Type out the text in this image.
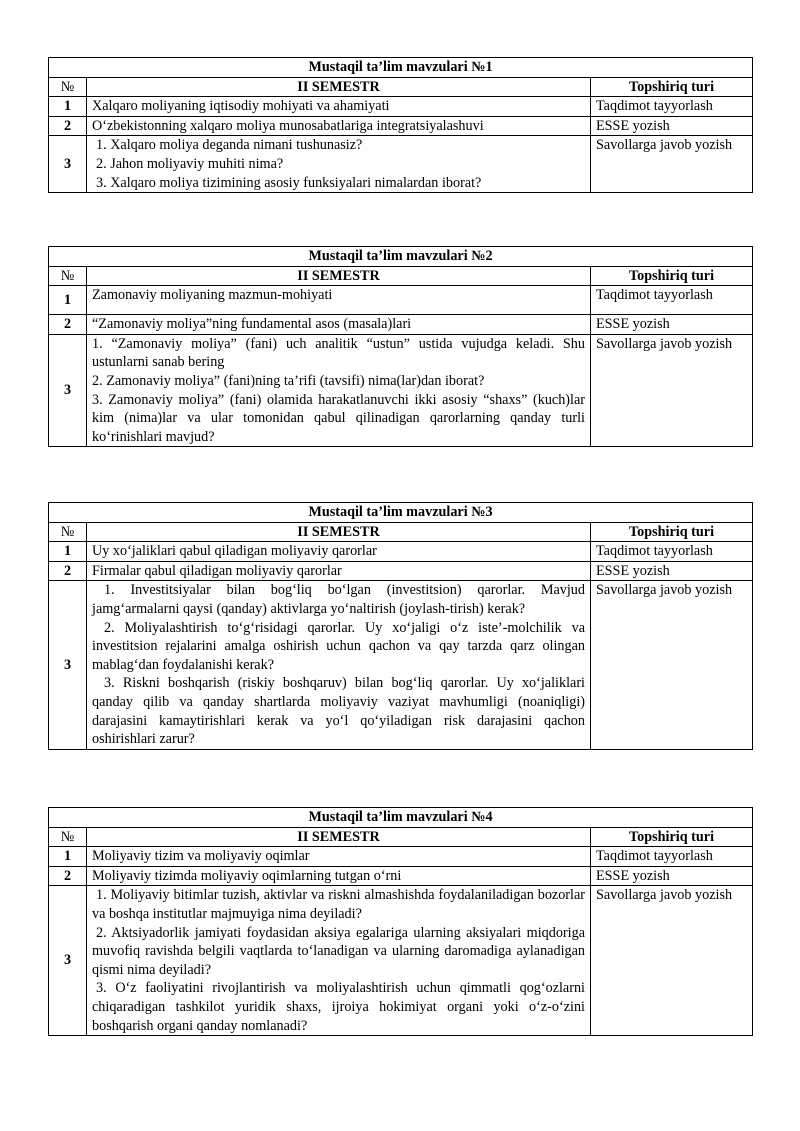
Mustaqil ta’lim mavzulari №1		
№	II SEMESTR	Topshiriq turi
1	Xalqaro moliyaning iqtisodiy mohiyati va ahamiyati	Taqdimot tayyorlash
2	O‘zbekistonning xalqaro moliya munosabatlariga integratsiyalashuvi	ESSE yozish
3	1. Xalqaro moliya deganda nimani tushunasiz?

2. Jahon moliyaviy muhiti nima?

3. Xalqaro moliya tizimining asosiy funksiyalari nimalardan iborat?	Savollarga javob yozish
Mustaqil ta’lim mavzulari №2		
№	II SEMESTR	Topshiriq turi
1	Zamonaviy moliyaning mazmun-mohiyati	Taqdimot tayyorlash
2	“Zamonaviy moliya”ning fundamental asos (masala)lari	ESSE yozish
3	1. “Zamonaviy moliya” (fani) uch analitik “ustun” ustida vujudga keladi. Shu ustunlarni sanab bering

2. Zamonaviy moliya” (fani)ning ta’rifi (tavsifi) nima(lar)dan iborat?

3. Zamonaviy moliya” (fani) olamida harakatlanuvchi ikki asosiy “shaxs” (kuch)lar kim (nima)lar va ular tomonidan qabul qilinadigan qarorlarning qanday turli ko‘rinishlari mavjud?	Savollarga javob yozish
Mustaqil ta’lim mavzulari №3		
№	II SEMESTR	Topshiriq turi
1	Uy xo‘jaliklari qabul qiladigan moliyaviy qarorlar	Taqdimot tayyorlash
2	Firmalar qabul qiladigan moliyaviy qarorlar	ESSE yozish
3	1. Investitsiyalar bilan bog‘liq bo‘lgan (investitsion) qarorlar. Mavjud jamg‘armalarni qaysi (qanday) aktivlarga yo‘naltirish (joylash-tirish) kerak?

2. Moliyalashtirish to‘g‘risidagi qarorlar. Uy xo‘jaligi o‘z iste’-molchilik va investitsion rejalarini amalga oshirish uchun qachon va qay tarzda qarz olingan mablag‘dan foydalanishi kerak?

3. Riskni boshqarish (riskiy boshqaruv) bilan bog‘liq qarorlar. Uy xo‘jaliklari qanday qilib va qanday shartlarda moliyaviy vaziyat mavhumligi (noaniqligi) darajasini kamaytirishlari kerak va yo‘l qo‘yiladigan risk darajasini qachon oshirishlari zarur?	Savollarga javob yozish
Mustaqil ta’lim mavzulari №4		
№	II SEMESTR	Topshiriq turi
1	Moliyaviy tizim va moliyaviy oqimlar	Taqdimot tayyorlash
2	Moliyaviy tizimda moliyaviy oqimlarning tutgan o‘rni	ESSE yozish
3	1. Moliyaviy bitimlar tuzish, aktivlar va riskni almashishda foydalaniladigan bozorlar va boshqa institutlar majmuyiga nima deyiladi?

2. Aktsiyadorlik jamiyati foydasidan aksiya egalariga ularning aksiyalari miqdoriga muvofiq ravishda belgili vaqtlarda to‘lanadigan va ularning daromadiga aylanadigan qismi nima deyiladi?

3. O‘z faoliyatini rivojlantirish va moliyalashtirish uchun qimmatli qog‘ozlarni chiqaradigan tashkilot yuridik shaxs, ijroiya hokimiyat organi yoki o‘z-o‘zini boshqarish organi qanday nomlanadi?	Savollarga javob yozish
